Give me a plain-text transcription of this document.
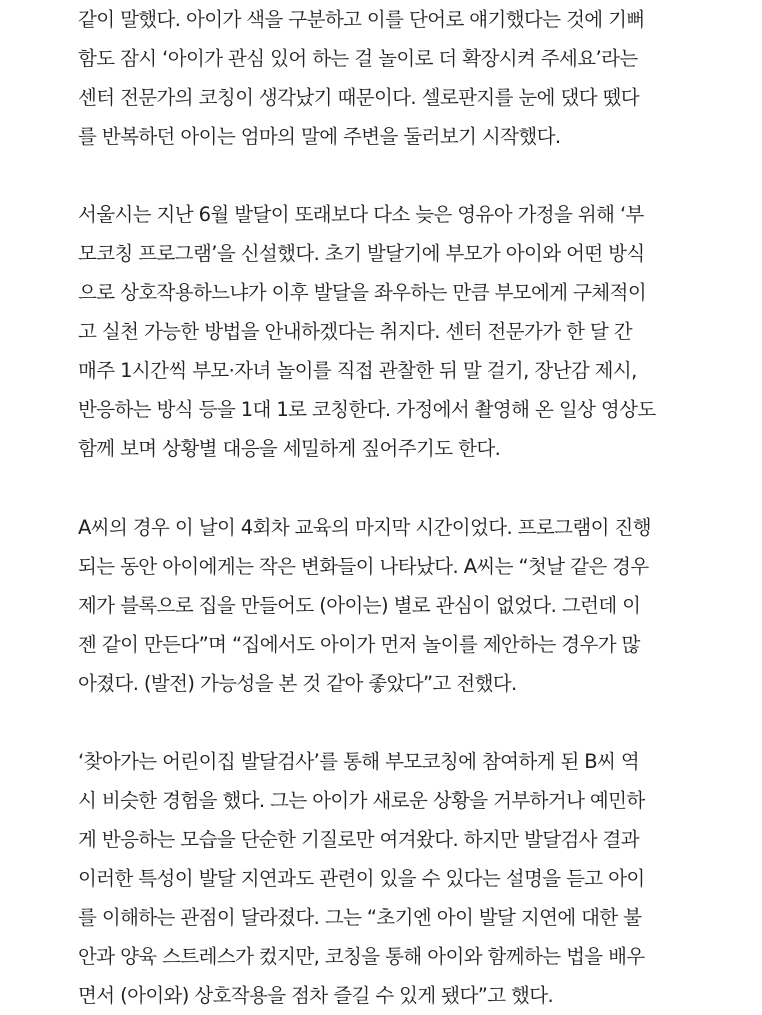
같이 말했다. 아이가 색을 구분하고 이를 단어로 얘기했다는 것에 기뻐
함도 잠시 ‘아이가 관심 있어 하는 걸 놀이로 더 확장시켜 주세요’라는
센터 전문가의 코칭이 생각났기 때문이다. 셀로판지를 눈에 댔다 뗐다
를 반복하던 아이는 엄마의 말에 주변을 둘러보기 시작했다.
서울시는 지난 6월 발달이 또래보다 다소 늦은 영유아 가정을 위해 ‘부
모코칭 프로그램’을 신설했다. 초기 발달기에 부모가 아이와 어떤 방식
으로 상호작용하느냐가 이후 발달을 좌우하는 만큼 부모에게 구체적이
고 실천 가능한 방법을 안내하겠다는 취지다. 센터 전문가가 한 달 간
매주 1시간씩 부모·자녀 놀이를 직접 관찰한 뒤 말 걸기, 장난감 제시,
반응하는 방식 등을 1대 1로 코칭한다. 가정에서 촬영해 온 일상 영상도
함께 보며 상황별 대응을 세밀하게 짚어주기도 한다.
A씨의 경우 이 날이 4회차 교육의 마지막 시간이었다. 프로그램이 진행
되는 동안 아이에게는 작은 변화들이 나타났다. A씨는 “첫날 같은 경우
제가 블록으로 집을 만들어도 (아이는) 별로 관심이 없었다. 그런데 이
젠 같이 만든다”며 “집에서도 아이가 먼저 놀이를 제안하는 경우가 많
아졌다. (발전) 가능성을 본 것 같아 좋았다”고 전했다.
‘찾아가는 어린이집 발달검사’를 통해 부모코칭에 참여하게 된 B씨 역
시 비슷한 경험을 했다. 그는 아이가 새로운 상황을 거부하거나 예민하
게 반응하는 모습을 단순한 기질로만 여겨왔다. 하지만 발달검사 결과
이러한 특성이 발달 지연과도 관련이 있을 수 있다는 설명을 듣고 아이
를 이해하는 관점이 달라졌다. 그는 “초기엔 아이 발달 지연에 대한 불
안과 양육 스트레스가 컸지만, 코칭을 통해 아이와 함께하는 법을 배우
면서 (아이와) 상호작용을 점차 즐길 수 있게 됐다”고 했다.
